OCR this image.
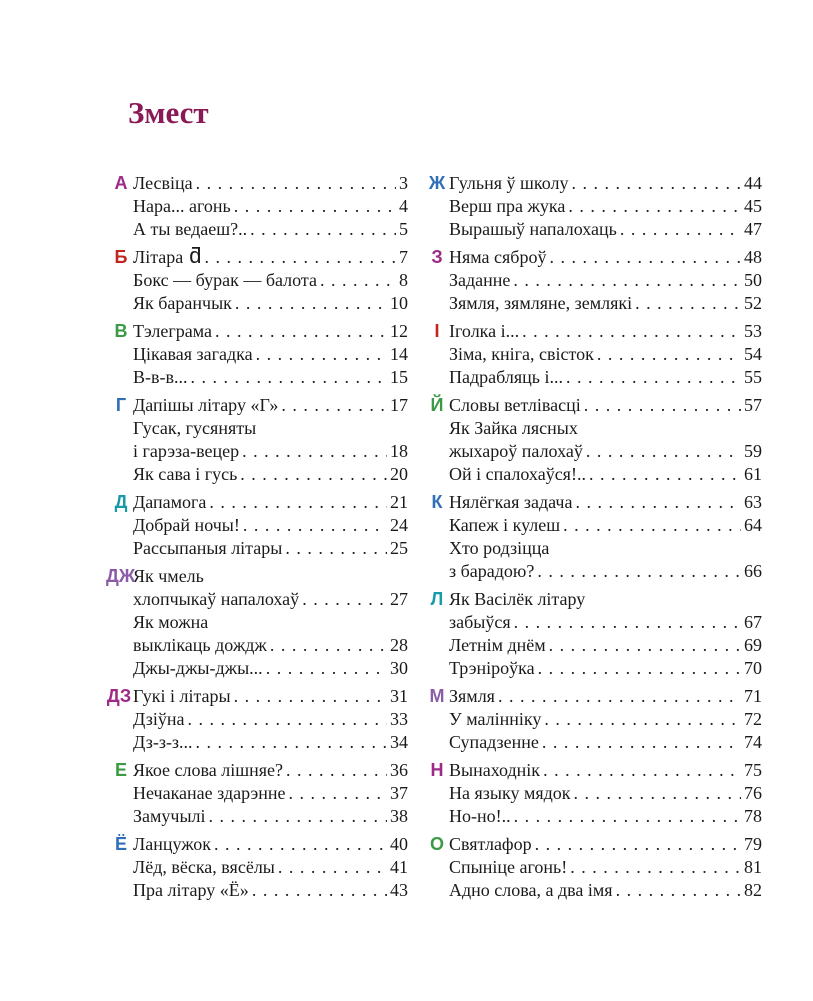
Змест
А Лесвіца . . .	3
Нара... агонь . . .	4
А ты ведаеш?.. . . .	5
Б Літара ƌ . . .	7
Бокс — бурак — балота . . .	8
Як баранчык . . .	10
В Тэлеграма . . .	12
Цікавая загадка . . .	14
В-в-в... . . .	15
Г Дапішы літару «Г» . . .	17
Гусак, гусяняты
і гарэза-вецер . . .	18
Як сава і гусь . . .	20
Д Дапамога . . .	21
Добрай ночы! . . .	24
Рассыпаныя літары . . .	25
ДЖ
Як чмель
хлопчыкаў напалохаў . . .	27
Як можна
выклікаць дождж . . .	28
Джы-джы-джы... . . .	30
ДЗ Гукі і літары . . .	31
Дзіўна . . .	33
Дз-з-з... . . .	34
Е Якое слова лішняе? . . .	36
Нечаканае здарэнне . . .	37
Замучылі . . .	38
Ё Ланцужок . . .	40
Лёд, вёска, вясёлы . . .	41
Пра літару «Ё» . . .	43
Ж Гульня ў школу . . .	44
Верш пра жука . . .	45
Вырашыў напалохаць . . .	47
З Няма сяброў . . .	48
Заданне . . .	50
Зямля, зямляне, землякі . . .	52
І Іголка і... . . .	53
Зіма, кніга, свісток . . .	54
Падрабляць і... . . .	55
Й Словы ветлівасці . . .	57
Як Зайка лясных
жыхароў палохаў . . .	59
Ой і спалохаўся!.. . . .	61
К Нялёгкая задача . . .	63
Капеж і кулеш . . .	64
Хто родзіцца
з барадою? . . .	66
Л Як Васілёк літару
забыўся . . .	67
Летнім днём . . .	69
Трэніроўка . . .	70
М Зямля . . .	71
У малінніку . . .	72
Супадзенне . . .	74
Н Вынаходнік . . .	75
На языку мядок . . .	76
Но-но!.. . . .	78
О Святлафор . . .	79
Спыніце агонь! . . .	81
Адно слова, а два імя . . .	82
